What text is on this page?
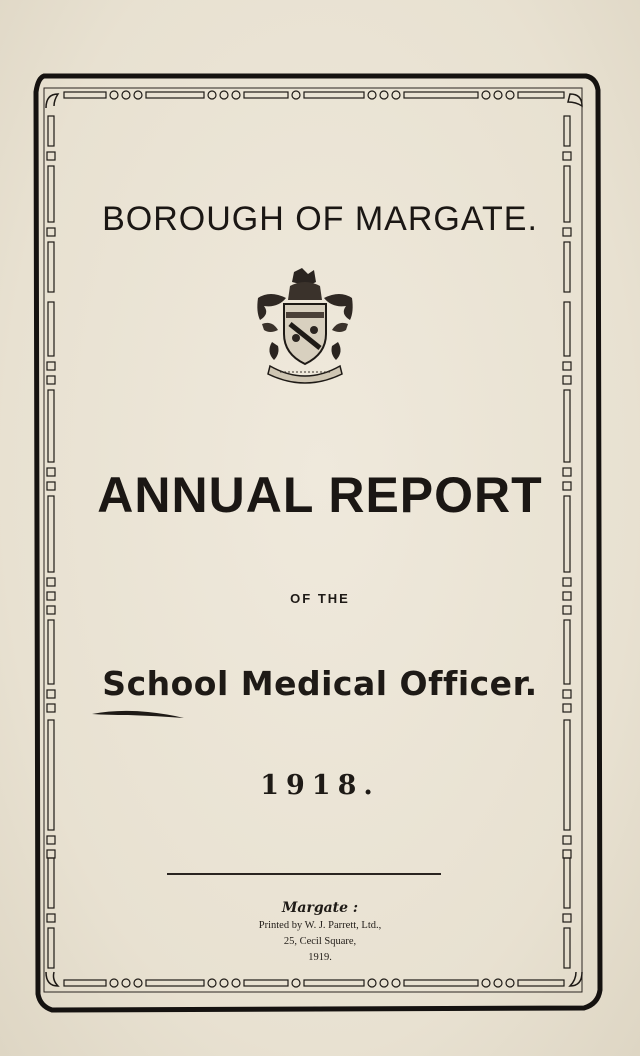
BOROUGH OF MARGATE.
ANNUAL REPORT
OF THE
School Medical Officer.
1918.
Margate :
Printed by W. J. Parrett, Ltd.,
25, Cecil Square,
1919.
